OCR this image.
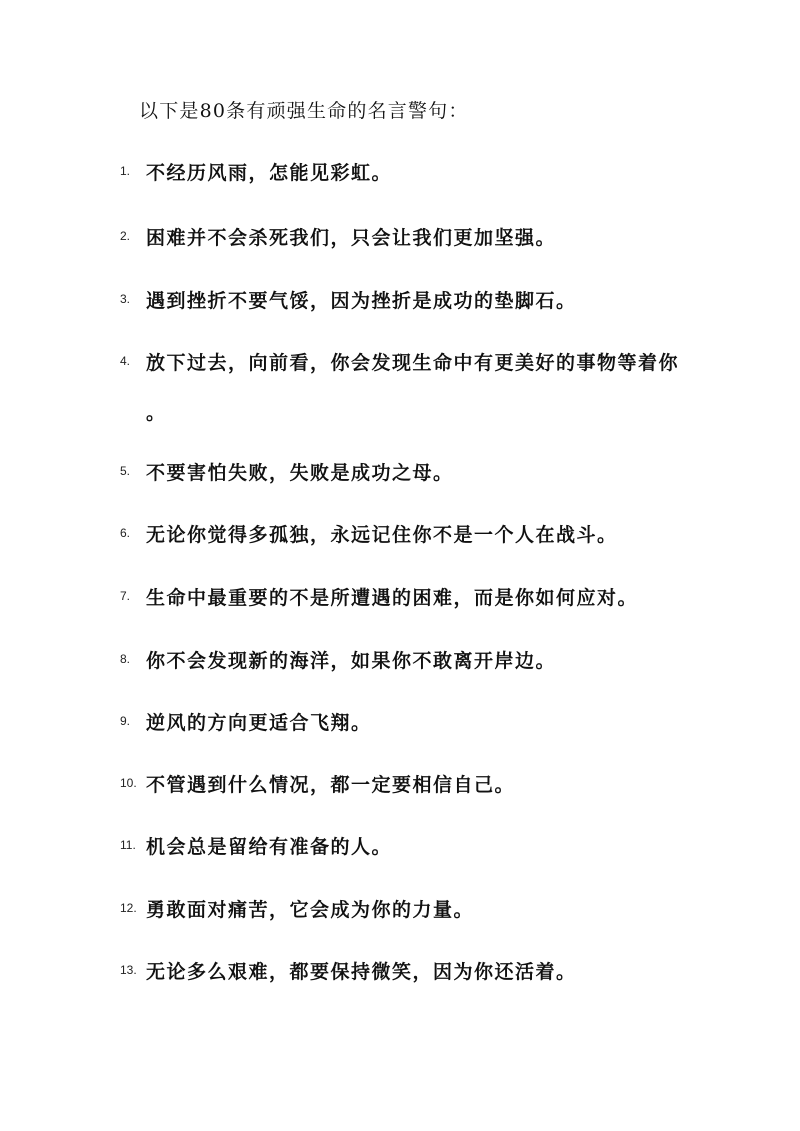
以下是80条有顽强生命的名言警句：
1. 不经历风雨，怎能见彩虹。
2. 困难并不会杀死我们，只会让我们更加坚强。
3. 遇到挫折不要气馁，因为挫折是成功的垫脚石。
4. 放下过去，向前看，你会发现生命中有更美好的事物等着你
。
5. 不要害怕失败，失败是成功之母。
6. 无论你觉得多孤独，永远记住你不是一个人在战斗。
7. 生命中最重要的不是所遭遇的困难，而是你如何应对。
8. 你不会发现新的海洋，如果你不敢离开岸边。
9. 逆风的方向更适合飞翔。
10. 不管遇到什么情况，都一定要相信自己。
11. 机会总是留给有准备的人。
12. 勇敢面对痛苦，它会成为你的力量。
13. 无论多么艰难，都要保持微笑，因为你还活着。
